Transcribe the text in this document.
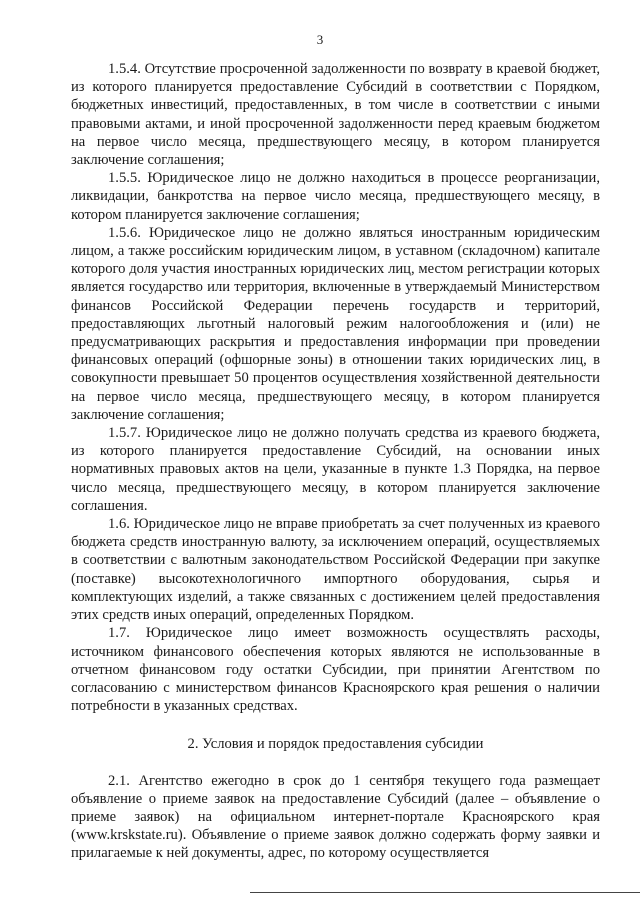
3

1.5.4. Отсутствие просроченной задолженности по возврату в краевой бюджет, из которого планируется предоставление Субсидий в соответствии с Порядком, бюджетных инвестиций, предоставленных, в том числе в соответствии с иными правовыми актами, и иной просроченной задолженности перед краевым бюджетом на первое число месяца, предшествующего месяцу, в котором планируется заключение соглашения;

1.5.5. Юридическое лицо не должно находиться в процессе реорганизации, ликвидации, банкротства на первое число месяца, предшествующего месяцу, в котором планируется заключение соглашения;

1.5.6. Юридическое лицо не должно являться иностранным юридическим лицом, а также российским юридическим лицом, в уставном (складочном) капитале которого доля участия иностранных юридических лиц, местом регистрации которых является государство или территория, включенные в утверждаемый Министерством финансов Российской Федерации перечень государств и территорий, предоставляющих льготный налоговый режим налогообложения и (или) не предусматривающих раскрытия и предоставления информации при проведении финансовых операций (офшорные зоны) в отношении таких юридических лиц, в совокупности превышает 50 процентов осуществления хозяйственной деятельности на первое число месяца, предшествующего месяцу, в котором планируется заключение соглашения;

1.5.7. Юридическое лицо не должно получать средства из краевого бюджета, из которого планируется предоставление Субсидий, на основании иных нормативных правовых актов на цели, указанные в пункте 1.3 Порядка, на первое число месяца, предшествующего месяцу, в котором планируется заключение соглашения.

1.6. Юридическое лицо не вправе приобретать за счет полученных из краевого бюджета средств иностранную валюту, за исключением операций, осуществляемых в соответствии с валютным законодательством Российской Федерации при закупке (поставке) высокотехнологичного импортного оборудования, сырья и комплектующих изделий, а также связанных с достижением целей предоставления этих средств иных операций, определенных Порядком.

1.7. Юридическое лицо имеет возможность осуществлять расходы, источником финансового обеспечения которых являются не использованные в отчетном финансовом году остатки Субсидии, при принятии Агентством по согласованию с министерством финансов Красноярского края решения о наличии потребности в указанных средствах.

2. Условия и порядок предоставления субсидии

2.1. Агентство ежегодно в срок до 1 сентября текущего года размещает объявление о приеме заявок на предоставление Субсидий (далее – объявление о приеме заявок) на официальном интернет-портале Красноярского края (www.krskstate.ru). Объявление о приеме заявок должно содержать форму заявки и прилагаемые к ней документы, адрес, по которому осуществляется
